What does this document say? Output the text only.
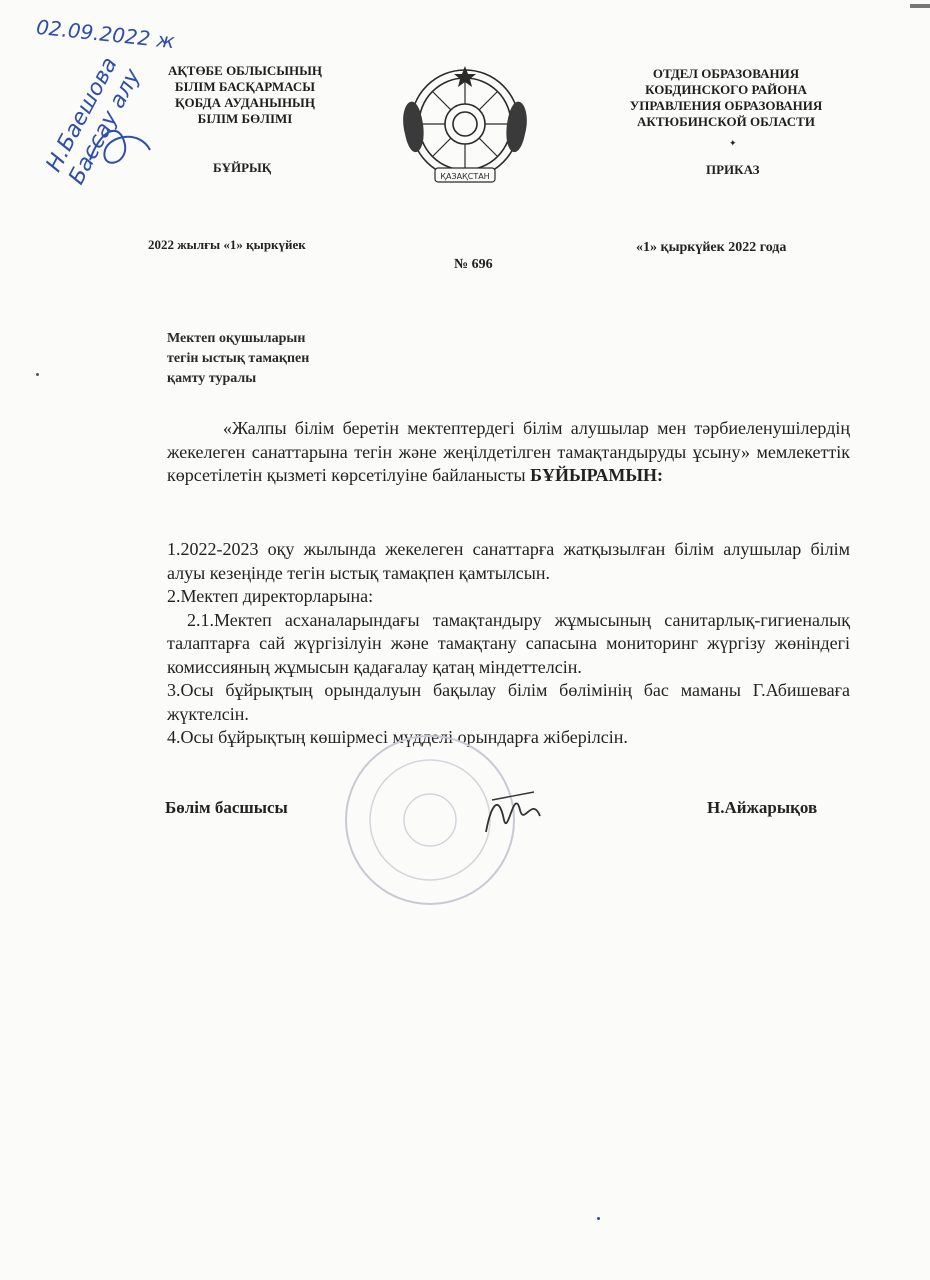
02.09.2022 ж
Н.Баешова Бассау алу	АҚТӨБЕ ОБЛЫСЫНЫҢ
БІЛІМ БАСҚАРМАСЫ
ҚОБДА АУДАНЫНЫҢ
БІЛІМ БӨЛІМІ
БҰЙРЫҚ
ҚАЗАҚСТАН
ОТДЕЛ ОБРАЗОВАНИЯ
КОБДИНСКОГО РАЙОНА
УПРАВЛЕНИЯ ОБРАЗОВАНИЯ
АКТЮБИНСКОЙ ОБЛАСТИ
✦
ПРИКАЗ
2022 жылғы «1» қыркүйек	«1» қыркүйек 2022 года
№ 696
Мектеп оқушыларын
тегін ыстық тамақпен
қамту туралы

«Жалпы білім беретін мектептердегі білім алушылар мен тәрбиеленушілердің жекелеген санаттарына тегін және жеңілдетілген тамақтандыруды ұсыну» мемлекеттік көрсетілетін қызметі көрсетілуіне байланысты БҰЙЫРАМЫН:

1.2022-2023 оқу жылында жекелеген санаттарға жатқызылған білім алушылар білім алуы кезеңінде тегін ыстық тамақпен қамтылсын.

2.Мектеп директорларына:

2.1.Мектеп асханаларындағы тамақтандыру жұмысының санитарлық-гигиеналық талаптарға сай жүргізілуін және тамақтану сапасына мониторинг жүргізу жөніндегі комиссияның жұмысын қадағалау қатаң міндеттелсін.

3.Осы бұйрықтың орындалуын бақылау білім бөлімінің бас маманы Г.Абишеваға жүктелсін.

4.Осы бұйрықтың көшірмесі мүдделі орындарға жіберілсін.

Бөлім басшысы	Н.Айжарықов
